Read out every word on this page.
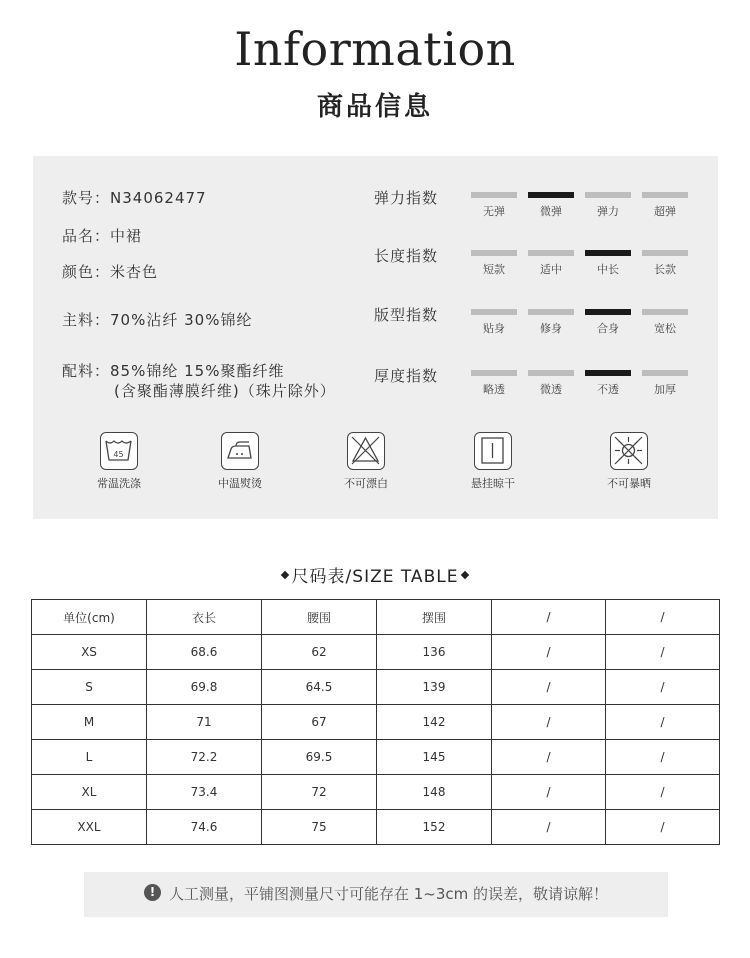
Information
商品信息
款号：N34062477
品名：中裙
颜色：米杏色
主料：70%沾纤 30%锦纶
配料：85%锦纶 15%聚酯纤维
(含聚酯薄膜纤维)（珠片除外）
弹力指数
无弹	微弹	弹力	超弹
长度指数
短款	适中	中长	长款
版型指数
贴身	修身	合身	宽松
厚度指数
略透	微透	不透	加厚
45
常温洗涤	中温熨烫	不可漂白	悬挂晾干	不可暴晒
尺码表/SIZE TABLE
单位(cm)	衣长	腰围	摆围	/	/
XS	68.6	62	136	/	/
S	69.8	64.5	139	/	/
M	71	67	142	/	/
L	72.2	69.5	145	/	/
XL	73.4	72	148	/	/
XXL	74.6	75	152	/	/
! 人工测量，平铺图测量尺寸可能存在 1~3cm 的误差，敬请谅解！
